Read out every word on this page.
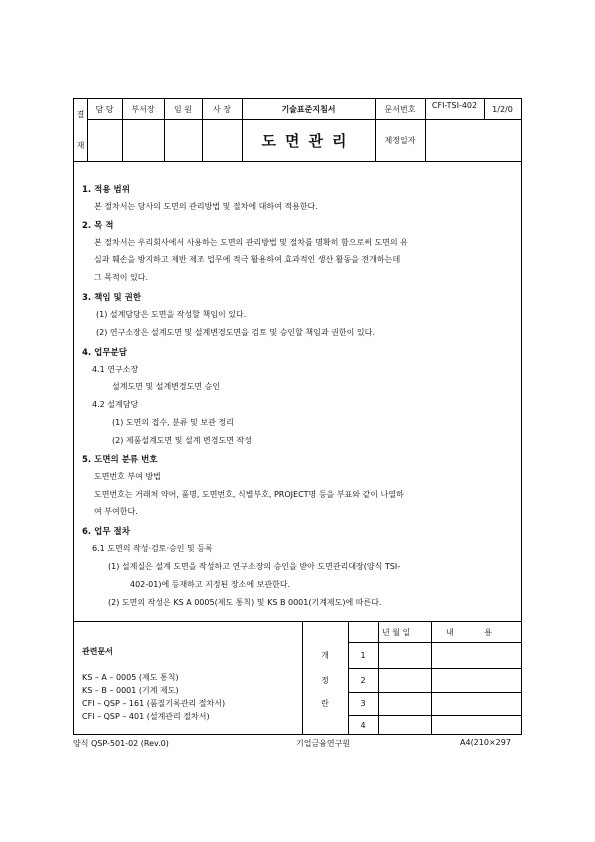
결
재
담 당	부서장	임 원	사 장	기술표준지침서	문서번호	CFI-TSI-402	1/2/0
도면관리	제정일자
1. 적용 범위
본 절차서는 당사의 도면의 관리방법 및 절차에 대하여 적용한다.
2. 목 적
본 절차서는 우리회사에서 사용하는 도면의 관리방법 및 절차를 명확히 함으로써 도면의 유
실과 훼손을 방지하고 제반 제조 업무에 적극 활용하여 효과적인 생산 활동을 전개하는데
그 목적이 있다.
3. 책임 및 권한
(1) 설계담당은 도면을 작성할 책임이 있다.
(2) 연구소장은 설계도면 및 설계변경도면을 검토 및 승인할 책임과 권한이 있다.
4. 업무분담
4.1 연구소장
설계도면 및 설계변경도면 승인
4.2 설계담당
(1) 도면의 접수, 분류 및 보관 정리
(2) 제품설계도면 및 설계 변경도면 작성
5. 도면의 분류 번호
도면번호 부여 방법
도면번호는 거래처 약어, 품명, 도면번호, 식별부호, PROJECT명 등을 부표와 같이 나열하
여 부여한다.
6. 업무 절차
6.1 도면의 작성·검토·승인 및 등록
(1) 설계실은 설계 도면을 작성하고 연구소장의 승인을 받아 도면관리대장(양식 TSI-
402-01)에 등재하고 지정된 장소에 보관한다.
(2) 도면의 작성은 KS A 0005(제도 통칙) 및 KS B 0001(기계제도)에 따른다.
관련문서
KS – A – 0005 (제도 통칙)
KS – B – 0001 (기계 제도)
CFI – QSP – 161 (품질기록관리 절차서)
CFI – QSP – 401 (설계관리 절차서)
개
정
란
년 월 일	내 용
1
2
3
4
양식 QSP-501-02 (Rev.0)	기업금융연구원	A4(210×297
